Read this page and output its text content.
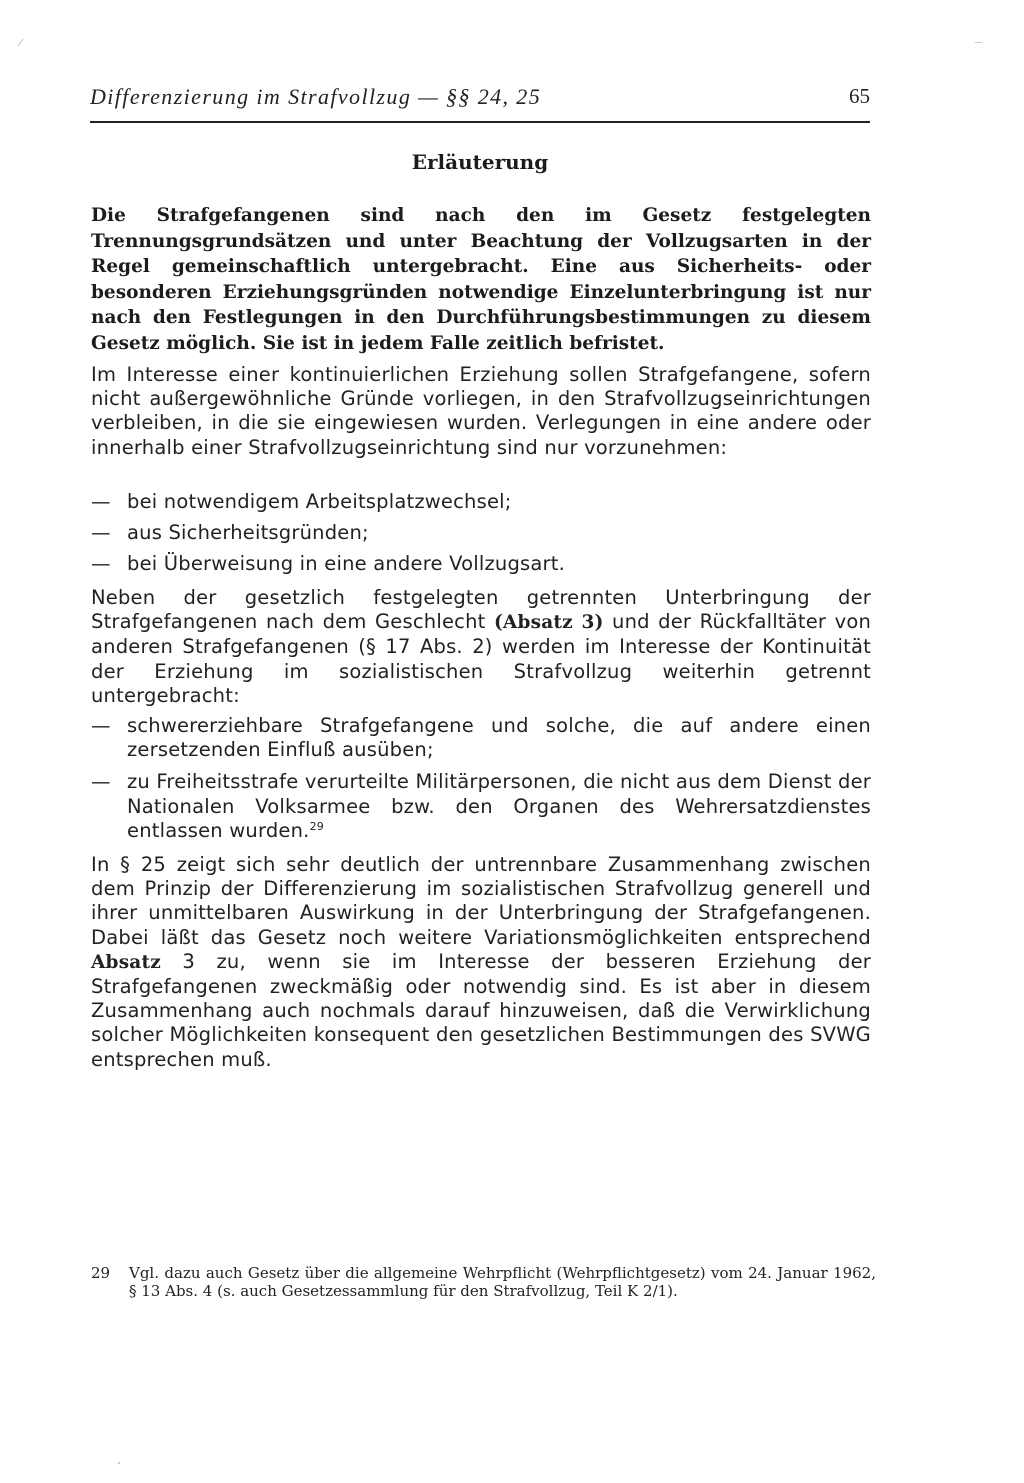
Differenzierung im Strafvollzug — §§ 24, 25	65
Erläuterung
Die Strafgefangenen sind nach den im Gesetz festgelegten Trennungsgrundsätzen und unter Beachtung der Vollzugsarten in der Regel gemeinschaftlich untergebracht. Eine aus Sicherheits- oder besonderen Erziehungsgründen notwendige Einzelunterbringung ist nur nach den Festlegungen in den Durchführungsbestimmungen zu diesem Gesetz möglich. Sie ist in jedem Falle zeitlich befristet.
Im Interesse einer kontinuierlichen Erziehung sollen Strafgefangene, sofern nicht außergewöhnliche Gründe vorliegen, in den Strafvollzugseinrichtungen verbleiben, in die sie eingewiesen wurden. Verlegungen in eine andere oder innerhalb einer Strafvollzugseinrichtung sind nur vorzunehmen:
— bei notwendigem Arbeitsplatzwechsel;
— aus Sicherheitsgründen;
— bei Überweisung in eine andere Vollzugsart.
Neben der gesetzlich festgelegten getrennten Unterbringung der Strafgefangenen nach dem Geschlecht (Absatz 3) und der Rückfalltäter von anderen Strafgefangenen (§ 17 Abs. 2) werden im Interesse der Kontinuität der Erziehung im sozialistischen Strafvollzug weiterhin getrennt untergebracht:
— schwererziehbare Strafgefangene und solche, die auf andere einen zersetzenden Einfluß ausüben;
— zu Freiheitsstrafe verurteilte Militärpersonen, die nicht aus dem Dienst der Nationalen Volksarmee bzw. den Organen des Wehrersatzdienstes entlassen wurden.$^{29}$
In § 25 zeigt sich sehr deutlich der untrennbare Zusammenhang zwischen dem Prinzip der Differenzierung im sozialistischen Strafvollzug generell und ihrer unmittelbaren Auswirkung in der Unterbringung der Strafgefangenen. Dabei läßt das Gesetz noch weitere Variationsmöglichkeiten entsprechend Absatz 3 zu, wenn sie im Interesse der besseren Erziehung der Strafgefangenen zweckmäßig oder notwendig sind. Es ist aber in diesem Zusammenhang auch nochmals darauf hinzuweisen, daß die Verwirklichung solcher Möglichkeiten konsequent den gesetzlichen Bestimmungen des SVWG entsprechen muß.
29 Vgl. dazu auch Gesetz über die allgemeine Wehrpflicht (Wehrpflichtgesetz) vom 24. Januar 1962, § 13 Abs. 4 (s. auch Gesetzessammlung für den Strafvollzug, Teil K 2/1).
